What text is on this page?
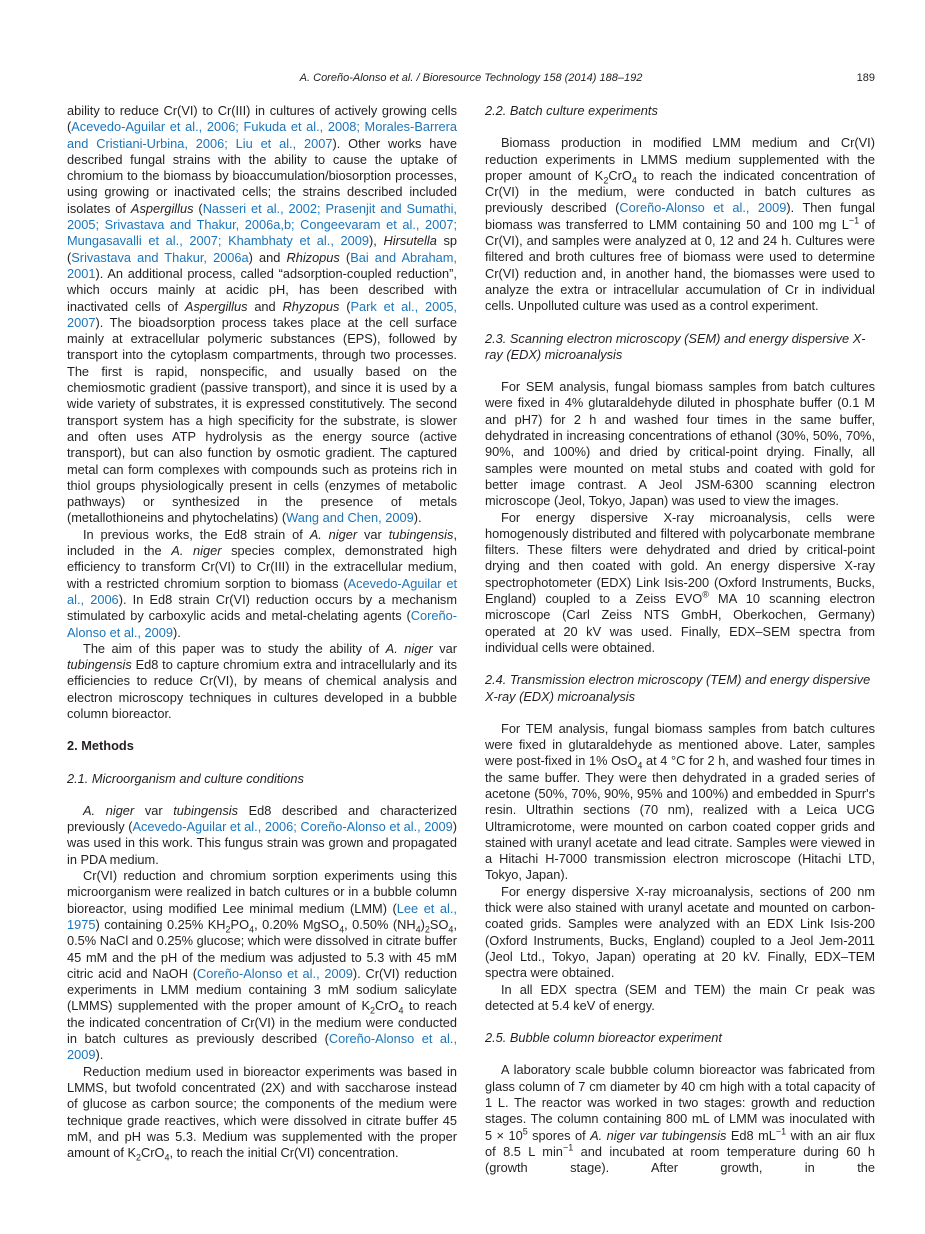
A. Coreño-Alonso et al. / Bioresource Technology 158 (2014) 188–192	189

ability to reduce Cr(VI) to Cr(III) in cultures of actively growing cells (Acevedo-Aguilar et al., 2006; Fukuda et al., 2008; Morales-Barrera and Cristiani-Urbina, 2006; Liu et al., 2007). Other works have described fungal strains with the ability to cause the uptake of chromium to the biomass by bioaccumulation/biosorption processes, using growing or inactivated cells; the strains described included isolates of Aspergillus (Nasseri et al., 2002; Prasenjit and Sumathi, 2005; Srivastava and Thakur, 2006a,b; Congeevaram et al., 2007; Mungasavalli et al., 2007; Khambhaty et al., 2009), Hirsutella sp (Srivastava and Thakur, 2006a) and Rhizopus (Bai and Abraham, 2001). An additional process, called “adsorption-coupled reduction”, which occurs mainly at acidic pH, has been described with inactivated cells of Aspergillus and Rhyzopus (Park et al., 2005, 2007). The bioadsorption process takes place at the cell surface mainly at extracellular polymeric substances (EPS), followed by transport into the cytoplasm compartments, through two processes. The first is rapid, nonspecific, and usually based on the chemiosmotic gradient (passive transport), and since it is used by a wide variety of substrates, it is expressed constitutively. The second transport system has a high specificity for the substrate, is slower and often uses ATP hydrolysis as the energy source (active transport), but can also function by osmotic gradient. The captured metal can form complexes with compounds such as proteins rich in thiol groups physiologically present in cells (enzymes of metabolic pathways) or synthesized in the presence of metals (metallothioneins and phytochelatins) (Wang and Chen, 2009).

In previous works, the Ed8 strain of A. niger var tubingensis, included in the A. niger species complex, demonstrated high efficiency to transform Cr(VI) to Cr(III) in the extracellular medium, with a restricted chromium sorption to biomass (Acevedo-Aguilar et al., 2006). In Ed8 strain Cr(VI) reduction occurs by a mechanism stimulated by carboxylic acids and metal-chelating agents (Coreño-Alonso et al., 2009).

The aim of this paper was to study the ability of A. niger var tubingensis Ed8 to capture chromium extra and intracellularly and its efficiencies to reduce Cr(VI), by means of chemical analysis and electron microscopy techniques in cultures developed in a bubble column bioreactor.

2. Methods
2.1. Microorganism and culture conditions

A. niger var tubingensis Ed8 described and characterized previously (Acevedo-Aguilar et al., 2006; Coreño-Alonso et al., 2009) was used in this work. This fungus strain was grown and propagated in PDA medium.

Cr(VI) reduction and chromium sorption experiments using this microorganism were realized in batch cultures or in a bubble column bioreactor, using modified Lee minimal medium (LMM) (Lee et al., 1975) containing 0.25% $KH_2PO_4$, 0.20% MgSO$_4$, 0.50% $(NH_4)_2SO_4$, 0.5% NaCl and 0.25% glucose; which were dissolved in citrate buffer 45 mM and the pH of the medium was adjusted to 5.3 with 45 mM citric acid and NaOH (Coreño-Alonso et al., 2009). Cr(VI) reduction experiments in LMM medium containing 3 mM sodium salicylate (LMMS) supplemented with the proper amount of $K_2CrO_4$ to reach the indicated concentration of Cr(VI) in the medium were conducted in batch cultures as previously described (Coreño-Alonso et al., 2009).

Reduction medium used in bioreactor experiments was based in LMMS, but twofold concentrated (2X) and with saccharose instead of glucose as carbon source; the components of the medium were technique grade reactives, which were dissolved in citrate buffer 45 mM, and pH was 5.3. Medium was supplemented with the proper amount of $K_2CrO_4$, to reach the initial Cr(VI) concentration.

2.2. Batch culture experiments

Biomass production in modified LMM medium and Cr(VI) reduction experiments in LMMS medium supplemented with the proper amount of $K_2CrO_4$ to reach the indicated concentration of Cr(VI) in the medium, were conducted in batch cultures as previously described (Coreño-Alonso et al., 2009). Then fungal biomass was transferred to LMM containing 50 and 100 mg $L^{-1}$ of Cr(VI), and samples were analyzed at 0, 12 and 24 h. Cultures were filtered and broth cultures free of biomass were used to determine Cr(VI) reduction and, in another hand, the biomasses were used to analyze the extra or intracellular accumulation of Cr in individual cells. Unpolluted culture was used as a control experiment.

2.3. Scanning electron microscopy (SEM) and energy dispersive X-ray (EDX) microanalysis

For SEM analysis, fungal biomass samples from batch cultures were fixed in 4% glutaraldehyde diluted in phosphate buffer (0.1 M and pH7) for 2 h and washed four times in the same buffer, dehydrated in increasing concentrations of ethanol (30%, 50%, 70%, 90%, and 100%) and dried by critical-point drying. Finally, all samples were mounted on metal stubs and coated with gold for better image contrast. A Jeol JSM-6300 scanning electron microscope (Jeol, Tokyo, Japan) was used to view the images.

For energy dispersive X-ray microanalysis, cells were homogenously distributed and filtered with polycarbonate membrane filters. These filters were dehydrated and dried by critical-point drying and then coated with gold. An energy dispersive X-ray spectrophotometer (EDX) Link Isis-200 (Oxford Instruments, Bucks, England) coupled to a Zeiss EVO® MA 10 scanning electron microscope (Carl Zeiss NTS GmbH, Oberkochen, Germany) operated at 20 kV was used. Finally, EDX–SEM spectra from individual cells were obtained.

2.4. Transmission electron microscopy (TEM) and energy dispersive X-ray (EDX) microanalysis

For TEM analysis, fungal biomass samples from batch cultures were fixed in glutaraldehyde as mentioned above. Later, samples were post-fixed in 1% OsO$_4$ at 4 °C for 2 h, and washed four times in the same buffer. They were then dehydrated in a graded series of acetone (50%, 70%, 90%, 95% and 100%) and embedded in Spurr's resin. Ultrathin sections (70 nm), realized with a Leica UCG Ultramicrotome, were mounted on carbon coated copper grids and stained with uranyl acetate and lead citrate. Samples were viewed in a Hitachi H-7000 transmission electron microscope (Hitachi LTD, Tokyo, Japan).

For energy dispersive X-ray microanalysis, sections of 200 nm thick were also stained with uranyl acetate and mounted on carbon-coated grids. Samples were analyzed with an EDX Link Isis-200 (Oxford Instruments, Bucks, England) coupled to a Jeol Jem-2011 (Jeol Ltd., Tokyo, Japan) operating at 20 kV. Finally, EDX–TEM spectra were obtained.

In all EDX spectra (SEM and TEM) the main Cr peak was detected at 5.4 keV of energy.

2.5. Bubble column bioreactor experiment

A laboratory scale bubble column bioreactor was fabricated from glass column of 7 cm diameter by 40 cm high with a total capacity of 1 L. The reactor was worked in two stages: growth and reduction stages. The column containing 800 mL of LMM was inoculated with $5 \times 10^5$ spores of A. niger var tubingensis Ed8 $mL^{-1}$ with an air flux of 8.5 L $\min^{-1}$ and incubated at room temperature during 60 h (growth stage). After growth, in the
